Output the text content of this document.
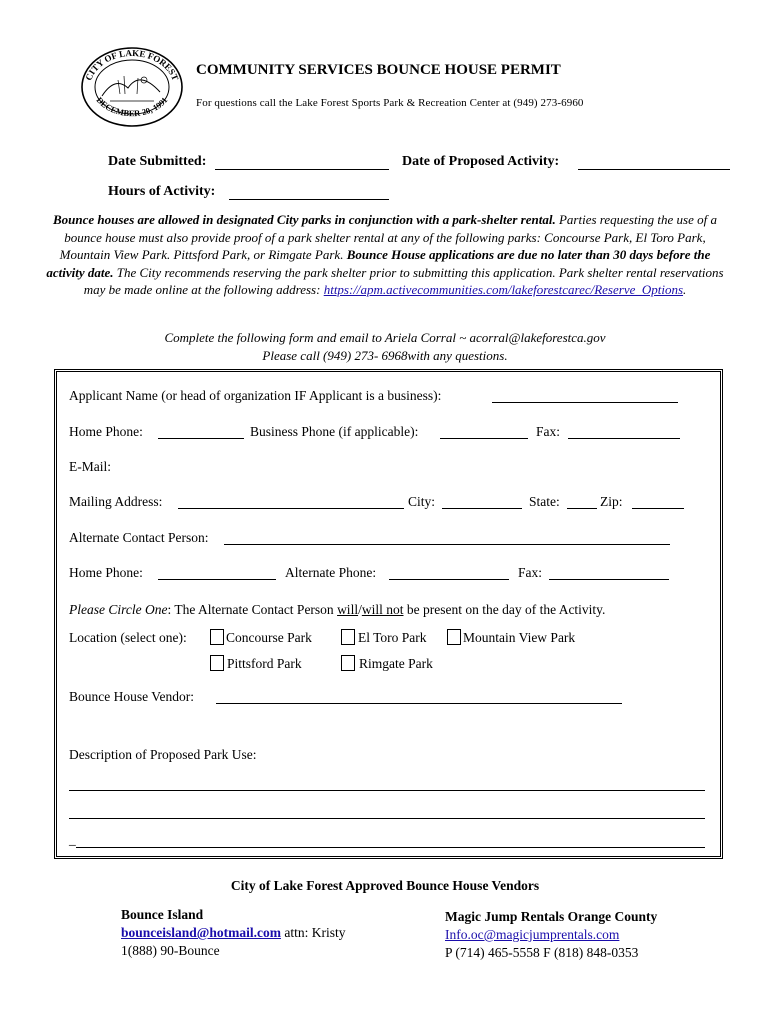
CITY OF LAKE FOREST
DECEMBER 20, 1991
COMMUNITY SERVICES BOUNCE HOUSE PERMIT
For questions call the Lake Forest Sports Park & Recreation Center at (949) 273-6960
Date Submitted:	Date of Proposed Activity:
Hours of Activity:
Bounce houses are allowed in designated City parks in conjunction with a park-shelter rental. Parties requesting the use of a bounce house must also provide proof of a park shelter rental at any of the following parks: Concourse Park, El Toro Park, Mountain View Park. Pittsford Park, or Rimgate Park. Bounce House applications are due no later than 30 days before the activity date. The City recommends reserving the park shelter prior to submitting this application. Park shelter rental reservations may be made online at the following address: https://apm.activecommunities.com/lakeforestcarec/Reserve_Options.
Complete the following form and email to Ariela Corral ~ acorral@lakeforestca.gov
Please call (949) 273- 6968with any questions.
Applicant Name (or head of organization IF Applicant is a business):
Home Phone:	Business Phone (if applicable):	Fax:
E-Mail:
Mailing Address:	City:	State:	Zip:
Alternate Contact Person:
Home Phone:	Alternate Phone:	Fax:
Please Circle One: The Alternate Contact Person will/will not be present on the day of the Activity.
Location (select one):	Concourse Park	El Toro Park	Mountain View Park
Pittsford Park	Rimgate Park
Bounce House Vendor:
Description of Proposed Park Use:
_
City of Lake Forest Approved Bounce House Vendors
Bounce Island
bounceisland@hotmail.com attn: Kristy
1(888) 90-Bounce
Magic Jump Rentals Orange County
Info.oc@magicjumprentals.com
P (714) 465-5558 F (818) 848-0353
